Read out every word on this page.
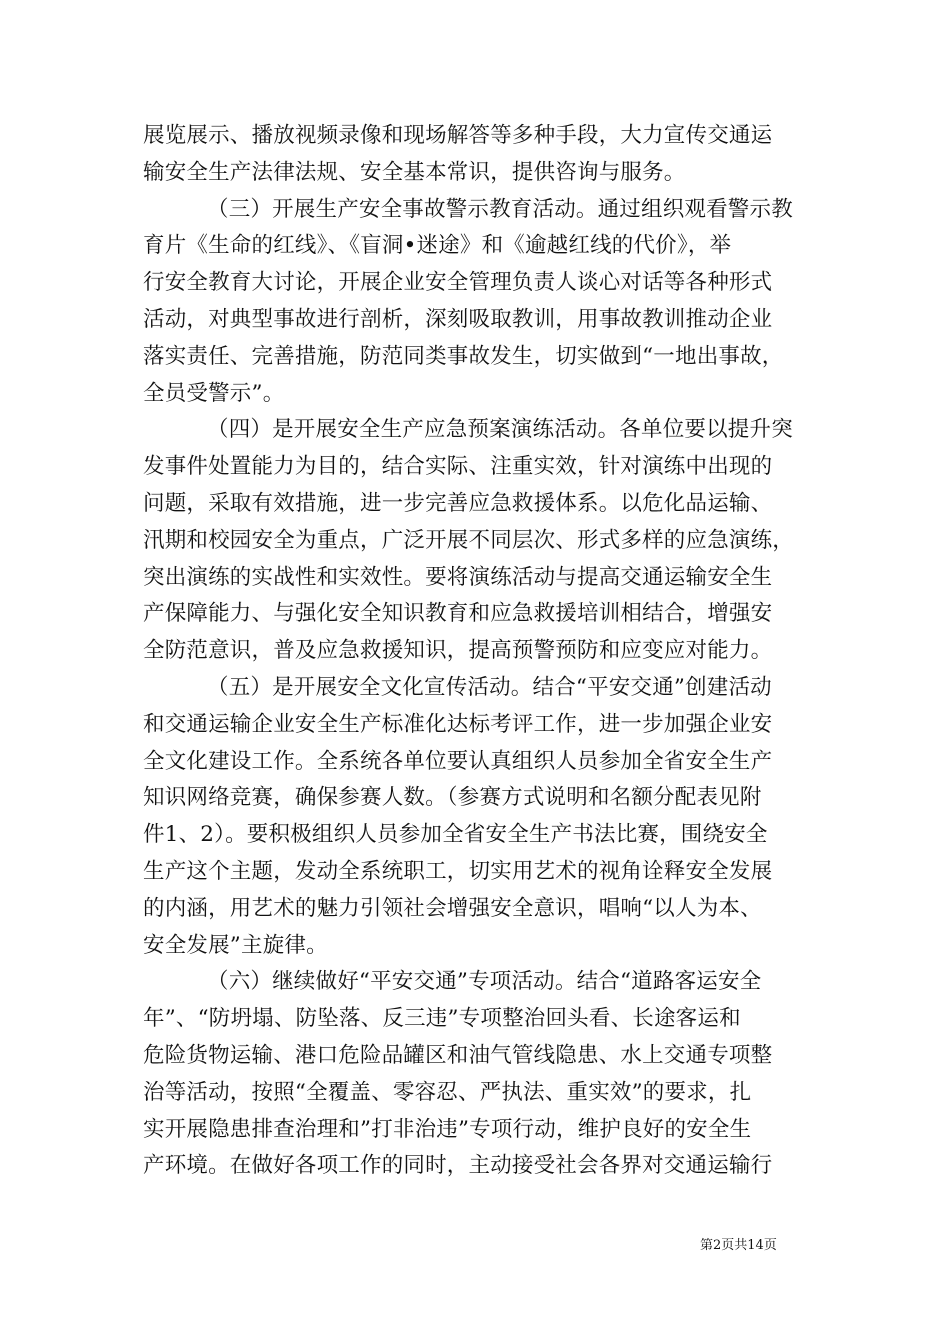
展览展示、播放视频录像和现场解答等多种手段，大力宣传交通运
输安全生产法律法规、安全基本常识，提供咨询与服务。
（三）开展生产安全事故警示教育活动。通过组织观看警示教
育片《生命的红线》、《盲洞•迷途》和《逾越红线的代价》，举
行安全教育大讨论，开展企业安全管理负责人谈心对话等各种形式
活动，对典型事故进行剖析，深刻吸取教训，用事故教训推动企业
落实责任、完善措施，防范同类事故发生，切实做到“一地出事故，
全员受警示”。
（四）是开展安全生产应急预案演练活动。各单位要以提升突
发事件处置能力为目的，结合实际、注重实效，针对演练中出现的
问题，采取有效措施，进一步完善应急救援体系。以危化品运输、
汛期和校园安全为重点，广泛开展不同层次、形式多样的应急演练，
突出演练的实战性和实效性。要将演练活动与提高交通运输安全生
产保障能力、与强化安全知识教育和应急救援培训相结合，增强安
全防范意识，普及应急救援知识，提高预警预防和应变应对能力。
（五）是开展安全文化宣传活动。结合“平安交通”创建活动
和交通运输企业安全生产标准化达标考评工作，进一步加强企业安
全文化建设工作。全系统各单位要认真组织人员参加全省安全生产
知识网络竞赛，确保参赛人数。（参赛方式说明和名额分配表见附
件1、2）。要积极组织人员参加全省安全生产书法比赛，围绕安全
生产这个主题，发动全系统职工，切实用艺术的视角诠释安全发展
的内涵，用艺术的魅力引领社会增强安全意识，唱响“以人为本、
安全发展”主旋律。
（六）继续做好“平安交通”专项活动。结合“道路客运安全
年”、“防坍塌、防坠落、反三违”专项整治回头看、长途客运和
危险货物运输、港口危险品罐区和油气管线隐患、水上交通专项整
治等活动，按照“全覆盖、零容忍、严执法、重实效”的要求，扎
实开展隐患排查治理和”打非治违”专项行动，维护良好的安全生
产环境。在做好各项工作的同时，主动接受社会各界对交通运输行
第2页共14页
